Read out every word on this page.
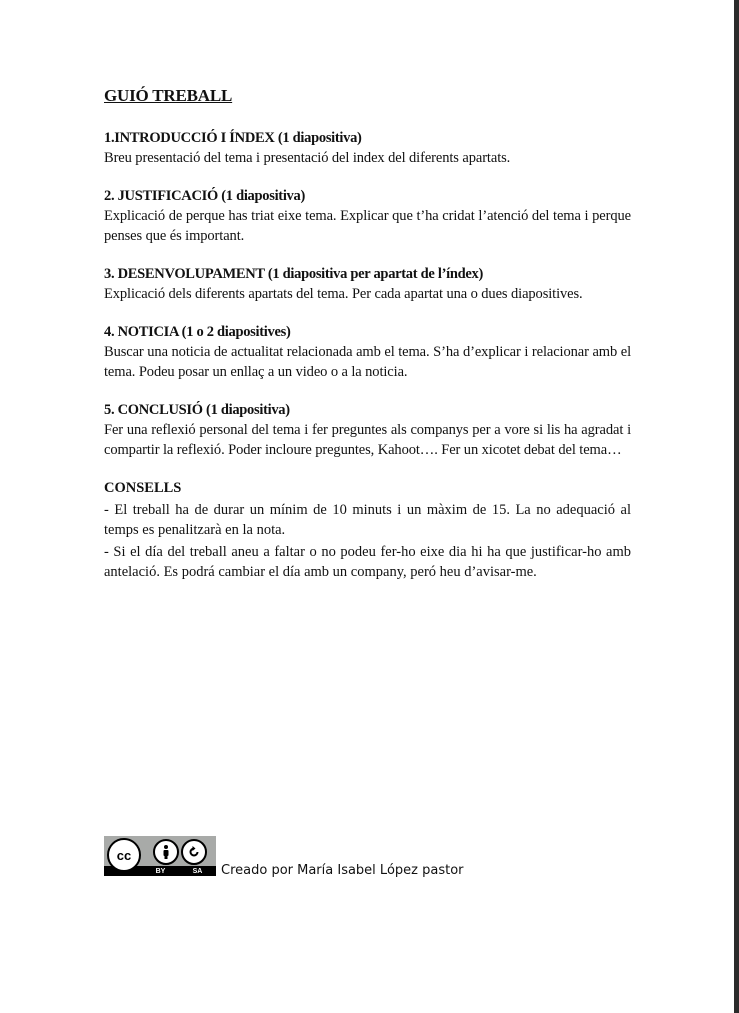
GUIÓ TREBALL

1.INTRODUCCIÓ I ÍNDEX (1 diapositiva)

Breu presentació del tema i presentació del index del diferents apartats.

2. JUSTIFICACIÓ (1 diapositiva)

Explicació de perque has triat eixe tema. Explicar que t’ha cridat l’atenció del tema i perque penses que és important.

3. DESENVOLUPAMENT (1 diapositiva per apartat de l’índex)

Explicació dels diferents apartats del tema. Per cada apartat una o dues diapositives.

4. NOTICIA (1 o 2 diapositives)

Buscar una noticia de actualitat relacionada amb el tema. S’ha d’explicar i relacionar amb el tema. Podeu posar un enllaç a un video o a la noticia.

5. CONCLUSIÓ (1 diapositiva)

Fer una reflexió personal del tema i fer preguntes als companys per a vore si lis ha agradat i compartir la reflexió. Poder incloure preguntes, Kahoot…. Fer un xicotet debat del tema…

CONSELLS

- El treball ha de durar un mínim de 10 minuts i un màxim de 15. La no adequació al temps es penalitzarà en la nota.

- Si el día del treball aneu a faltar o no podeu fer-ho eixe dia hi ha que justificar-ho amb antelació. Es podrá cambiar el día amb un company, peró heu d’avisar-me.

cc
BY	SA Creado por María Isabel López pastor
